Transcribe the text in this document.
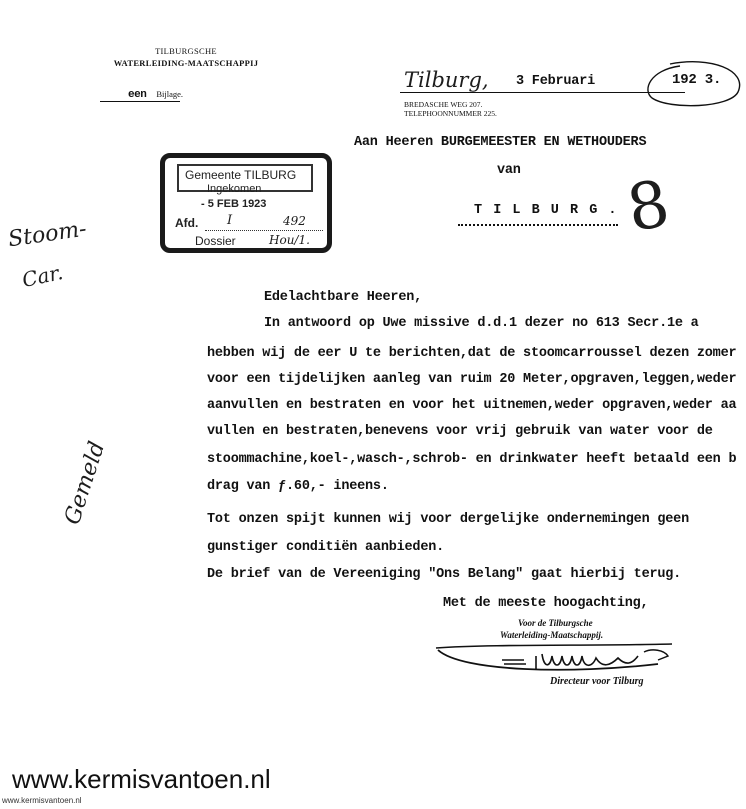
TILBURGSCHE
WATERLEIDING-MAATSCHAPPIJ
een Bijlage.
Tilburg, 3 Februari	192 3.
BREDASCHE WEG 207.
TELEPHOONNUMMER 225.
Aan Heeren BURGEMEESTER EN WETHOUDERS
van
T I L B U R G .
Gemeente TILBURG
Ingekomen
- 5 FEB 1923
Afd. I	492
Dossier	Hou/1.
Stoom-
Car.
Gemeld
8
Edelachtbare Heeren,
In antwoord op Uwe missive d.d.1 dezer no 613 Secr.1e a
hebben wij de eer U te berichten,dat de stoomcarroussel dezen zomer
voor een tijdelijken aanleg van ruim 20 Meter,opgraven,leggen,weder
aanvullen en bestraten en voor het uitnemen,weder opgraven,weder aa
vullen en bestraten,benevens voor vrij gebruik van water voor de
stoommachine,koel-,wasch-,schrob- en drinkwater heeft betaald een b
drag van ƒ.60,- ineens.
Tot onzen spijt kunnen wij voor dergelijke ondernemingen geen
gunstiger conditiën aanbieden.
De brief van de Vereeniging "Ons Belang" gaat hierbij terug.
Met de meeste hoogachting,
Voor de Tilburgsche
Waterleiding-Maatschappij.
Directeur voor Tilburg
www.kermisvantoen.nl
www.kermisvantoen.nl
